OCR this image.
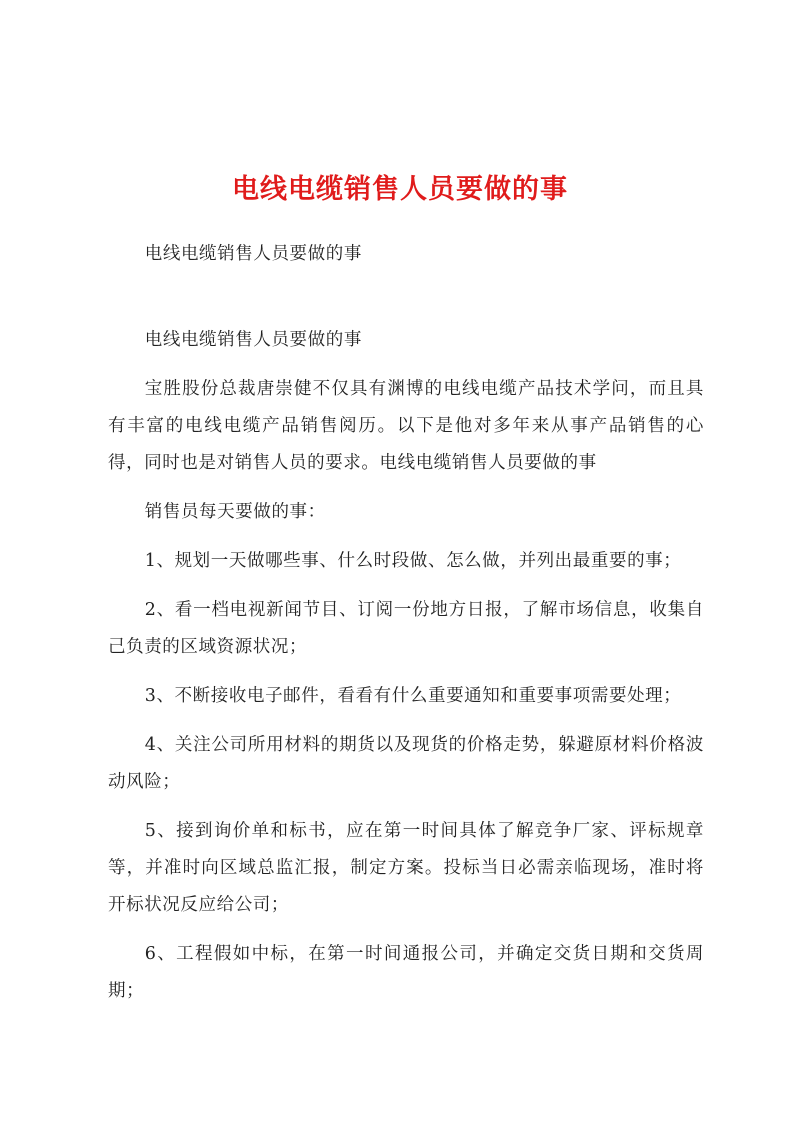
电线电缆销售人员要做的事

电线电缆销售人员要做的事

电线电缆销售人员要做的事

宝胜股份总裁唐崇健不仅具有渊博的电线电缆产品技术学问，而且具有丰富的电线电缆产品销售阅历。以下是他对多年来从事产品销售的心得，同时也是对销售人员的要求。电线电缆销售人员要做的事

销售员每天要做的事：

1、规划一天做哪些事、什么时段做、怎么做，并列出最重要的事；

2、看一档电视新闻节目、订阅一份地方日报，了解市场信息，收集自己负责的区域资源状况；

3、不断接收电子邮件，看看有什么重要通知和重要事项需要处理；

4、关注公司所用材料的期货以及现货的价格走势，躲避原材料价格波动风险；

5、接到询价单和标书，应在第一时间具体了解竞争厂家、评标规章等，并准时向区域总监汇报，制定方案。投标当日必需亲临现场，准时将开标状况反应给公司；

6、工程假如中标，在第一时间通报公司，并确定交货日期和交货周期；
